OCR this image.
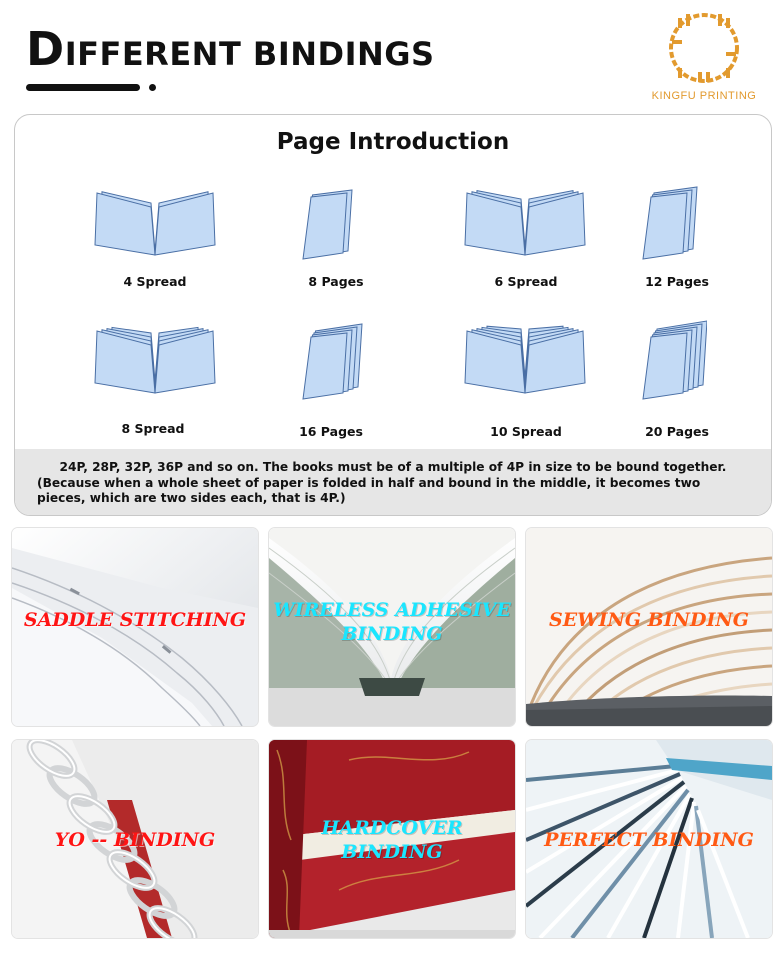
DIFFERENT BINDINGS
KINGFU PRINTING
Page Introduction
4 Spread	8 Pages	6 Spread	12 Pages
8 Spread	16 Pages	10 Spread	20 Pages

24P, 28P, 32P, 36P and so on. The books must be of a multiple of 4P in size to be bound together.

(Because when a whole sheet of paper is folded in half and bound in the middle, it becomes two pieces, which are two sides each, that is 4P.)

SADDLE STITCHING	WIRELESS ADHESIVE BINDING
SEWING BINDING
YO -- BINDING
HARDCOVER BINDING
PERFECT BINDING
